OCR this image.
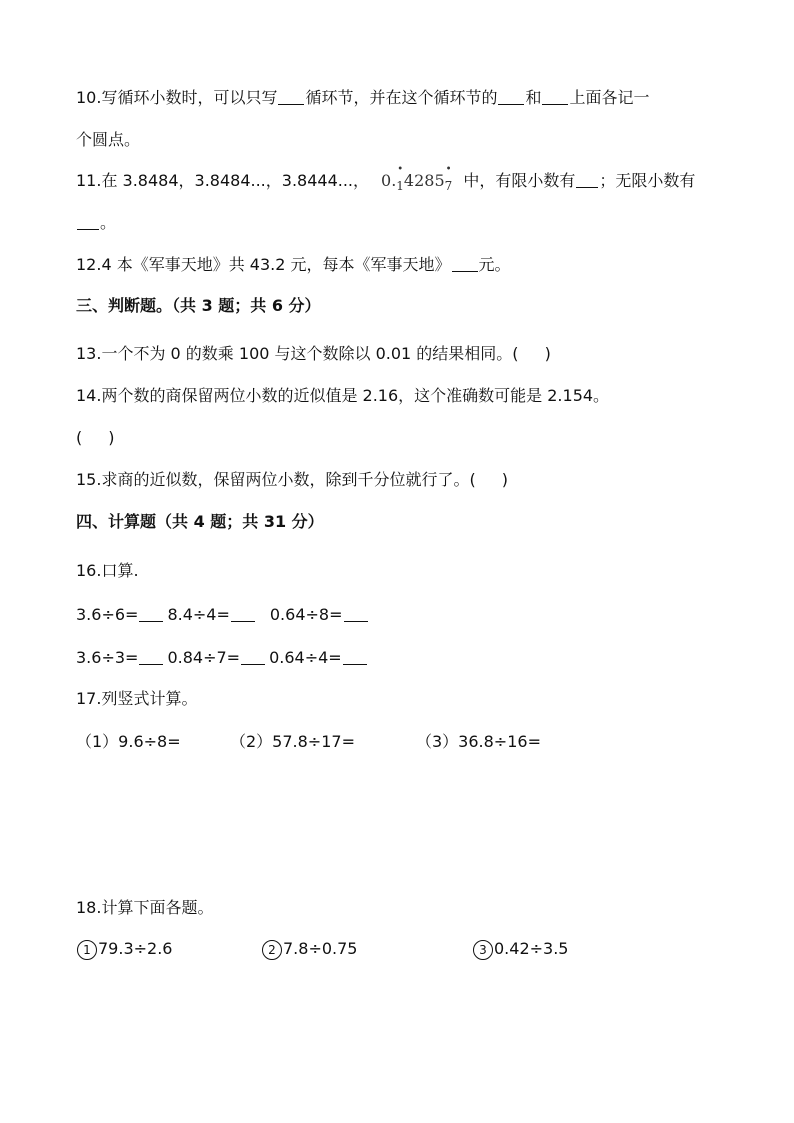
10.写循环小数时，可以只写 循环节，并在这个循环节的 和 上面各记一
个圆点。
11.在 3.8484，3.8484...，3.8444...， 0.
•
$_1$4285
•
$_7$ 中，有限小数有 ；无限小数有
。
12.4 本《军事天地》共 43.2 元，每本《军事天地》 元。
三、判断题。（共 3 题；共 6 分）
13.一个不为 0 的数乘 100 与这个数除以 0.01 的结果相同。( )
14.两个数的商保留两位小数的近似值是 2.16，这个准确数可能是 2.154。
( )
15.求商的近似数，保留两位小数，除到千分位就行了。( )
四、计算题（共 4 题；共 31 分）
16.口算.
3.6÷6= 8.4÷4=	0.64÷8=
3.6÷3= 0.84÷7= 0.64÷4=
17.列竖式计算。
（1）9.6÷8=	（2）57.8÷17=	（3）36.8÷16=
18.计算下面各题。
1 79.3÷2.6	2 7.8÷0.75	3 0.42÷3.5
